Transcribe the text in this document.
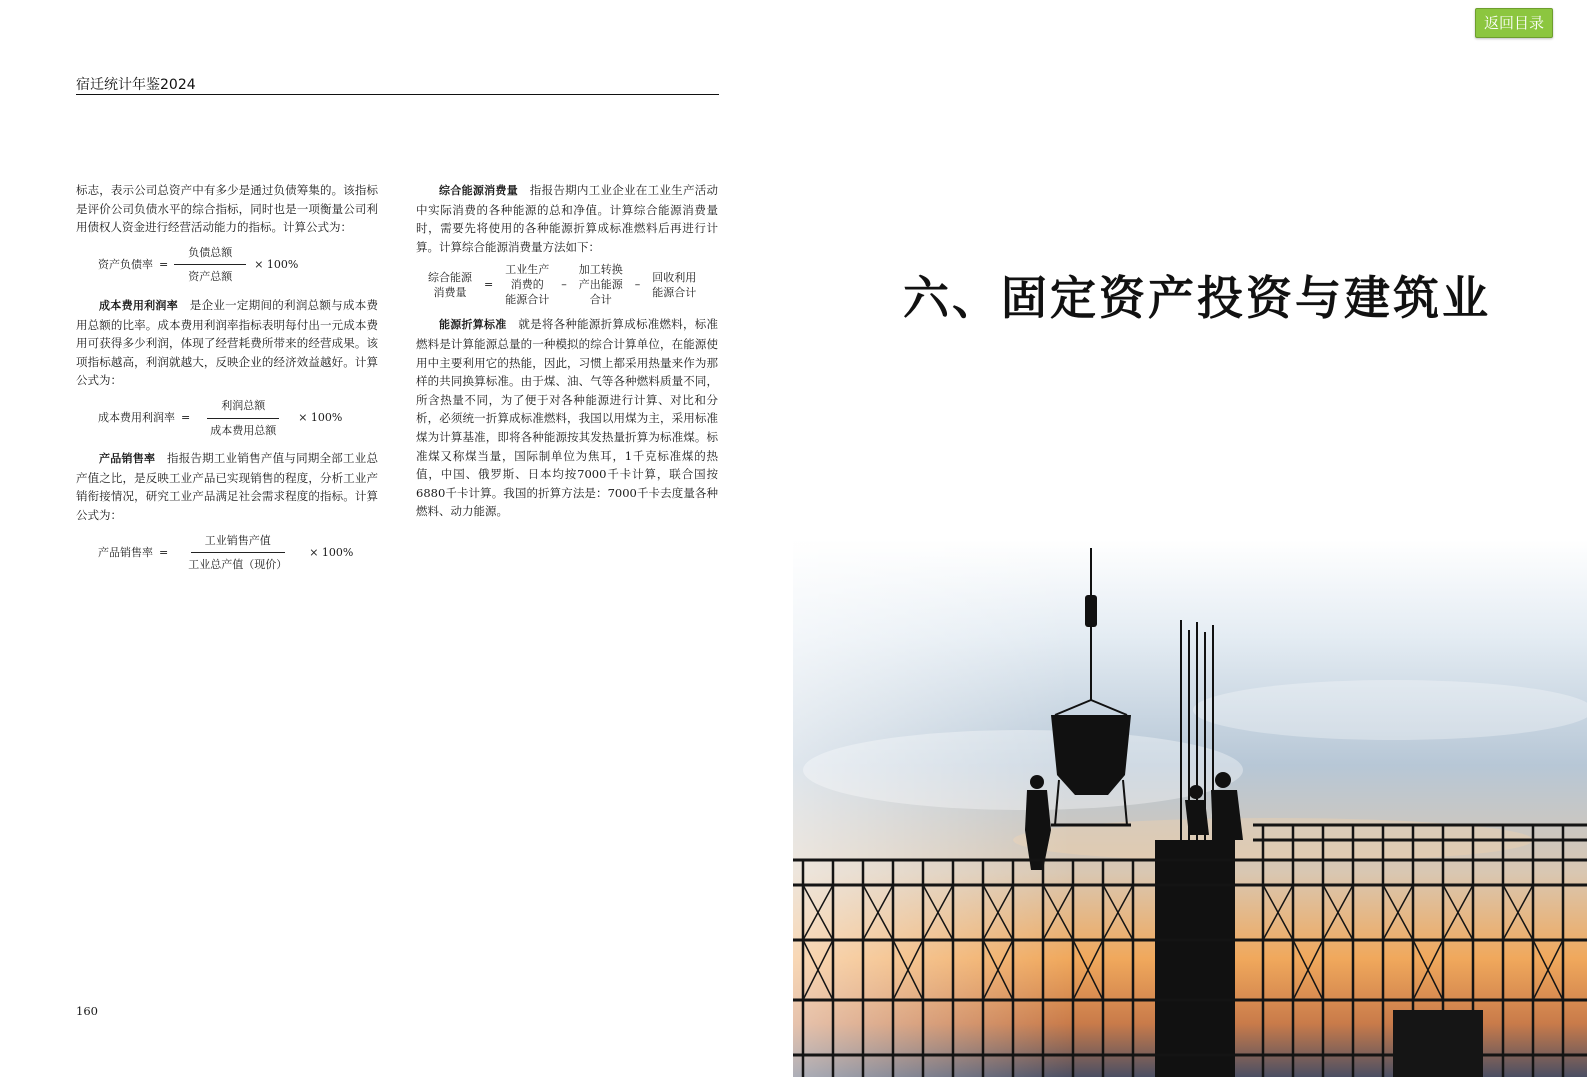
返回目录
宿迁统计年鉴2024

标志，表示公司总资产中有多少是通过负债筹集的。该指标是评价公司负债水平的综合指标，同时也是一项衡量公司利用债权人资金进行经营活动能力的指标。计算公式为：

资产负债率 = $\frac{\text{负债总额}}{\text{资产总额}} \times 100\%$

成本费用利润率　 是企业一定期间的利润总额与成本费用总额的比率。成本费用利润率指标表明每付出一元成本费用可获得多少利润，体现了经营耗费所带来的经营成果。该项指标越高，利润就越大，反映企业的经济效益越好。计算公式为：

成本费用利润率 = $\frac{\text{利润总额}}{\text{成本费用总额}} \times 100\%$

产品销售率　 指报告期工业销售产值与同期全部工业总产值之比，是反映工业产品已实现销售的程度，分析工业产销衔接情况，研究工业产品满足社会需求程度的指标。计算公式为：

产品销售率 = $\frac{\text{工业销售产值}}{\text{工业总产值（现价）}} \times 100\%$

综合能源消费量　 指报告期内工业企业在工业生产活动中实际消费的各种能源的总和净值。计算综合能源消费量时，需要先将使用的各种能源折算成标准燃料后再进行计算。计算综合能源消费量方法如下：

综合能源
消费量
=
工业生产
消费的
能源合计
–
加工转换
产出能源
合计
–
回收利用
能源合计

能源折算标准　 就是将各种能源折算成标准燃料，标准燃料是计算能源总量的一种模拟的综合计算单位，在能源使用中主要利用它的热能，因此，习惯上都采用热量来作为那样的共同换算标准。由于煤、油、气等各种燃料质量不同，所含热量不同，为了便于对各种能源进行计算、对比和分析，必须统一折算成标准燃料，我国以用煤为主，采用标准煤为计算基准，即将各种能源按其发热量折算为标准煤。标准煤又称煤当量，国际制单位为焦耳，1千克标准煤的热值，中国、俄罗斯、日本均按7000千卡计算，联合国按6880千卡计算。我国的折算方法是：7000千卡去度量各种燃料、动力能源。

160
六、固定资产投资与建筑业
